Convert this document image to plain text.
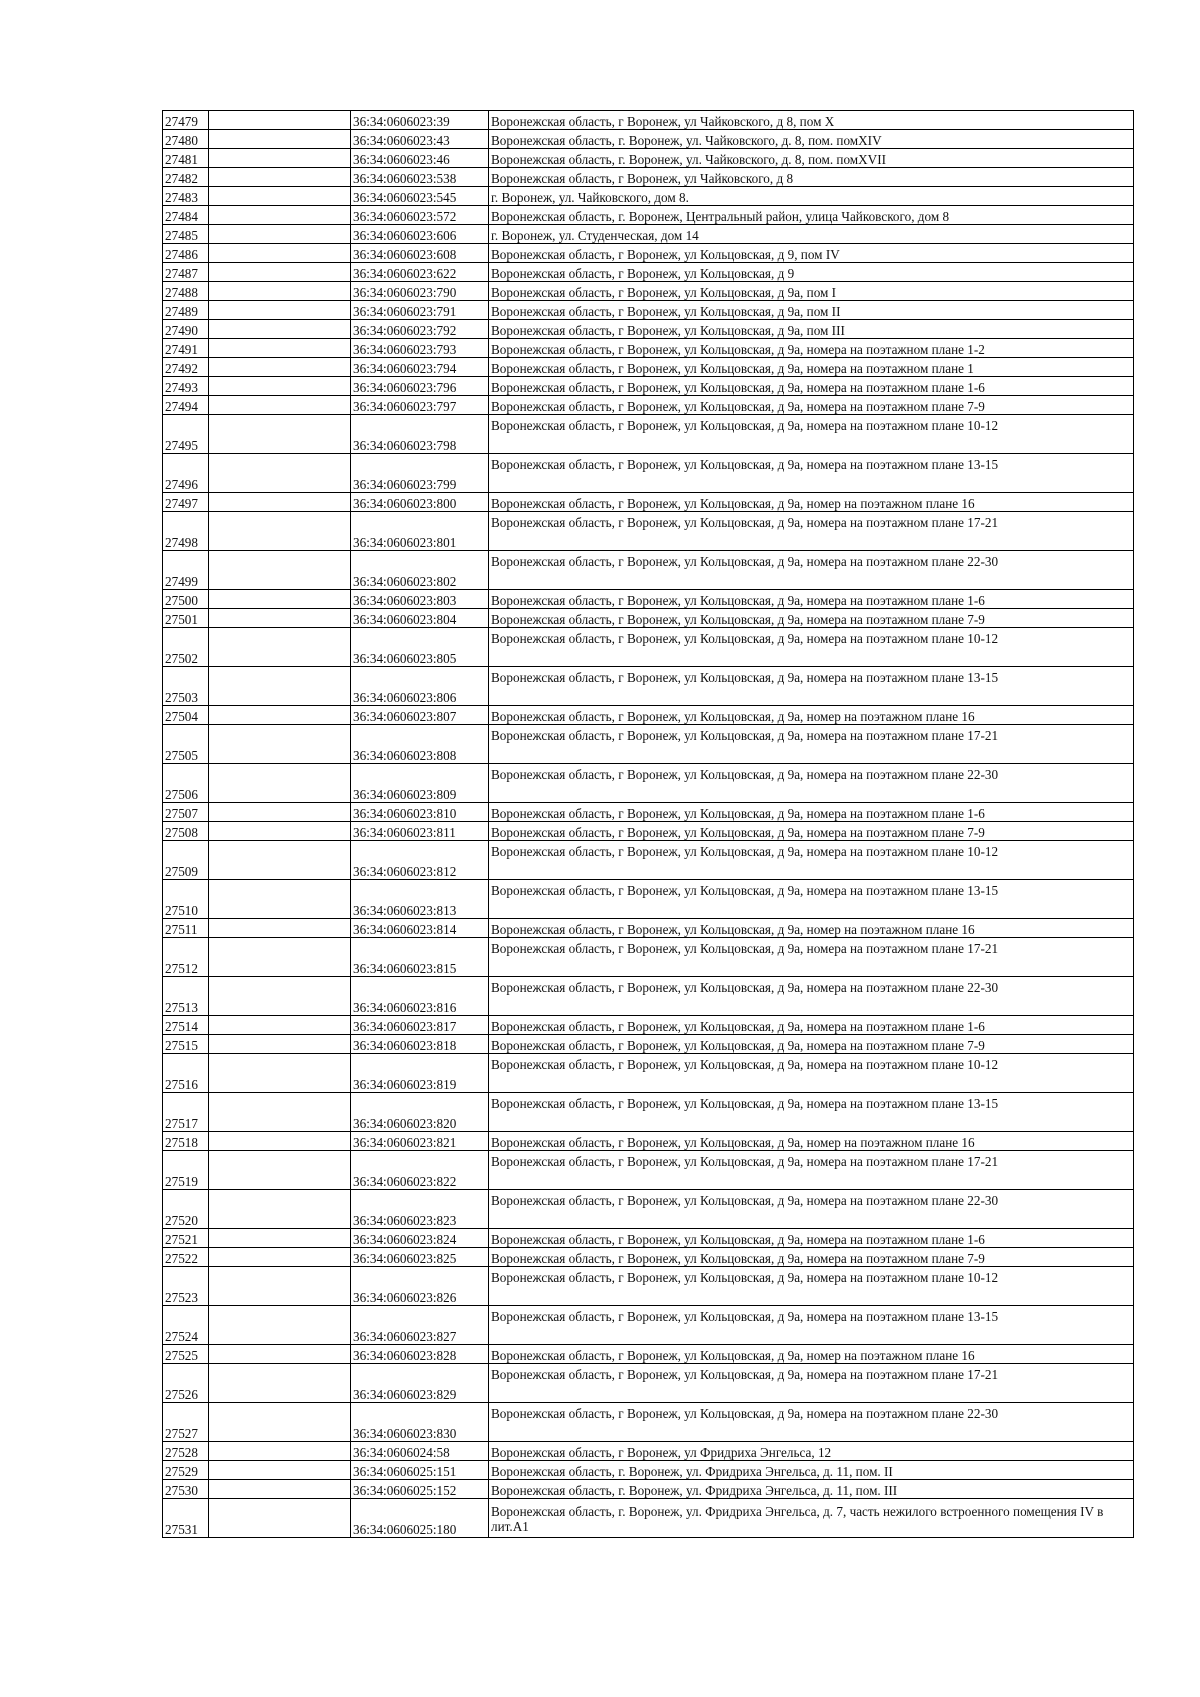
27479		36:34:0606023:39	Воронежская область, г Воронеж, ул Чайковского, д 8, пом X
27480		36:34:0606023:43	Воронежская область, г. Воронеж, ул. Чайковского, д. 8, пом. помXIV
27481		36:34:0606023:46	Воронежская область, г. Воронеж, ул. Чайковского, д. 8, пом. помXVII
27482		36:34:0606023:538	Воронежская область, г Воронеж, ул Чайковского, д 8
27483		36:34:0606023:545	г. Воронеж, ул. Чайковского, дом 8.
27484		36:34:0606023:572	Воронежская область, г. Воронеж, Центральный район, улица Чайковского, дом 8
27485		36:34:0606023:606	г. Воронеж, ул. Студенческая, дом 14
27486		36:34:0606023:608	Воронежская область, г Воронеж, ул Кольцовская, д 9, пом IV
27487		36:34:0606023:622	Воронежская область, г Воронеж, ул Кольцовская, д 9
27488		36:34:0606023:790	Воронежская область, г Воронеж, ул Кольцовская, д 9а, пом I
27489		36:34:0606023:791	Воронежская область, г Воронеж, ул Кольцовская, д 9а, пом II
27490		36:34:0606023:792	Воронежская область, г Воронеж, ул Кольцовская, д 9а, пом III
27491		36:34:0606023:793	Воронежская область, г Воронеж, ул Кольцовская, д 9а, номера на поэтажном плане 1-2
27492		36:34:0606023:794	Воронежская область, г Воронеж, ул Кольцовская, д 9а, номера на поэтажном плане 1
27493		36:34:0606023:796	Воронежская область, г Воронеж, ул Кольцовская, д 9а, номера на поэтажном плане 1-6
27494		36:34:0606023:797	Воронежская область, г Воронеж, ул Кольцовская, д 9а, номера на поэтажном плане 7-9
27495		36:34:0606023:798	Воронежская область, г Воронеж, ул Кольцовская, д 9а, номера на поэтажном плане 10-12
27496		36:34:0606023:799	Воронежская область, г Воронеж, ул Кольцовская, д 9а, номера на поэтажном плане 13-15
27497		36:34:0606023:800	Воронежская область, г Воронеж, ул Кольцовская, д 9а, номер на поэтажном плане 16
27498		36:34:0606023:801	Воронежская область, г Воронеж, ул Кольцовская, д 9а, номера на поэтажном плане 17-21
27499		36:34:0606023:802	Воронежская область, г Воронеж, ул Кольцовская, д 9а, номера на поэтажном плане 22-30
27500		36:34:0606023:803	Воронежская область, г Воронеж, ул Кольцовская, д 9а, номера на поэтажном плане 1-6
27501		36:34:0606023:804	Воронежская область, г Воронеж, ул Кольцовская, д 9а, номера на поэтажном плане 7-9
27502		36:34:0606023:805	Воронежская область, г Воронеж, ул Кольцовская, д 9а, номера на поэтажном плане 10-12
27503		36:34:0606023:806	Воронежская область, г Воронеж, ул Кольцовская, д 9а, номера на поэтажном плане 13-15
27504		36:34:0606023:807	Воронежская область, г Воронеж, ул Кольцовская, д 9а, номер на поэтажном плане 16
27505		36:34:0606023:808	Воронежская область, г Воронеж, ул Кольцовская, д 9а, номера на поэтажном плане 17-21
27506		36:34:0606023:809	Воронежская область, г Воронеж, ул Кольцовская, д 9а, номера на поэтажном плане 22-30
27507		36:34:0606023:810	Воронежская область, г Воронеж, ул Кольцовская, д 9а, номера на поэтажном плане 1-6
27508		36:34:0606023:811	Воронежская область, г Воронеж, ул Кольцовская, д 9а, номера на поэтажном плане 7-9
27509		36:34:0606023:812	Воронежская область, г Воронеж, ул Кольцовская, д 9а, номера на поэтажном плане 10-12
27510		36:34:0606023:813	Воронежская область, г Воронеж, ул Кольцовская, д 9а, номера на поэтажном плане 13-15
27511		36:34:0606023:814	Воронежская область, г Воронеж, ул Кольцовская, д 9а, номер на поэтажном плане 16
27512		36:34:0606023:815	Воронежская область, г Воронеж, ул Кольцовская, д 9а, номера на поэтажном плане 17-21
27513		36:34:0606023:816	Воронежская область, г Воронеж, ул Кольцовская, д 9а, номера на поэтажном плане 22-30
27514		36:34:0606023:817	Воронежская область, г Воронеж, ул Кольцовская, д 9а, номера на поэтажном плане 1-6
27515		36:34:0606023:818	Воронежская область, г Воронеж, ул Кольцовская, д 9а, номера на поэтажном плане 7-9
27516		36:34:0606023:819	Воронежская область, г Воронеж, ул Кольцовская, д 9а, номера на поэтажном плане 10-12
27517		36:34:0606023:820	Воронежская область, г Воронеж, ул Кольцовская, д 9а, номера на поэтажном плане 13-15
27518		36:34:0606023:821	Воронежская область, г Воронеж, ул Кольцовская, д 9а, номер на поэтажном плане 16
27519		36:34:0606023:822	Воронежская область, г Воронеж, ул Кольцовская, д 9а, номера на поэтажном плане 17-21
27520		36:34:0606023:823	Воронежская область, г Воронеж, ул Кольцовская, д 9а, номера на поэтажном плане 22-30
27521		36:34:0606023:824	Воронежская область, г Воронеж, ул Кольцовская, д 9а, номера на поэтажном плане 1-6
27522		36:34:0606023:825	Воронежская область, г Воронеж, ул Кольцовская, д 9а, номера на поэтажном плане 7-9
27523		36:34:0606023:826	Воронежская область, г Воронеж, ул Кольцовская, д 9а, номера на поэтажном плане 10-12
27524		36:34:0606023:827	Воронежская область, г Воронеж, ул Кольцовская, д 9а, номера на поэтажном плане 13-15
27525		36:34:0606023:828	Воронежская область, г Воронеж, ул Кольцовская, д 9а, номер на поэтажном плане 16
27526		36:34:0606023:829	Воронежская область, г Воронеж, ул Кольцовская, д 9а, номера на поэтажном плане 17-21
27527		36:34:0606023:830	Воронежская область, г Воронеж, ул Кольцовская, д 9а, номера на поэтажном плане 22-30
27528		36:34:0606024:58	Воронежская область, г Воронеж, ул Фридриха Энгельса, 12
27529		36:34:0606025:151	Воронежская область, г. Воронеж, ул. Фридриха Энгельса, д. 11, пом. II
27530		36:34:0606025:152	Воронежская область, г. Воронеж, ул. Фридриха Энгельса, д. 11, пом. III
27531		36:34:0606025:180	Воронежская область, г. Воронеж, ул. Фридриха Энгельса, д. 7, часть нежилого встроенного помещения IV в лит.А1
